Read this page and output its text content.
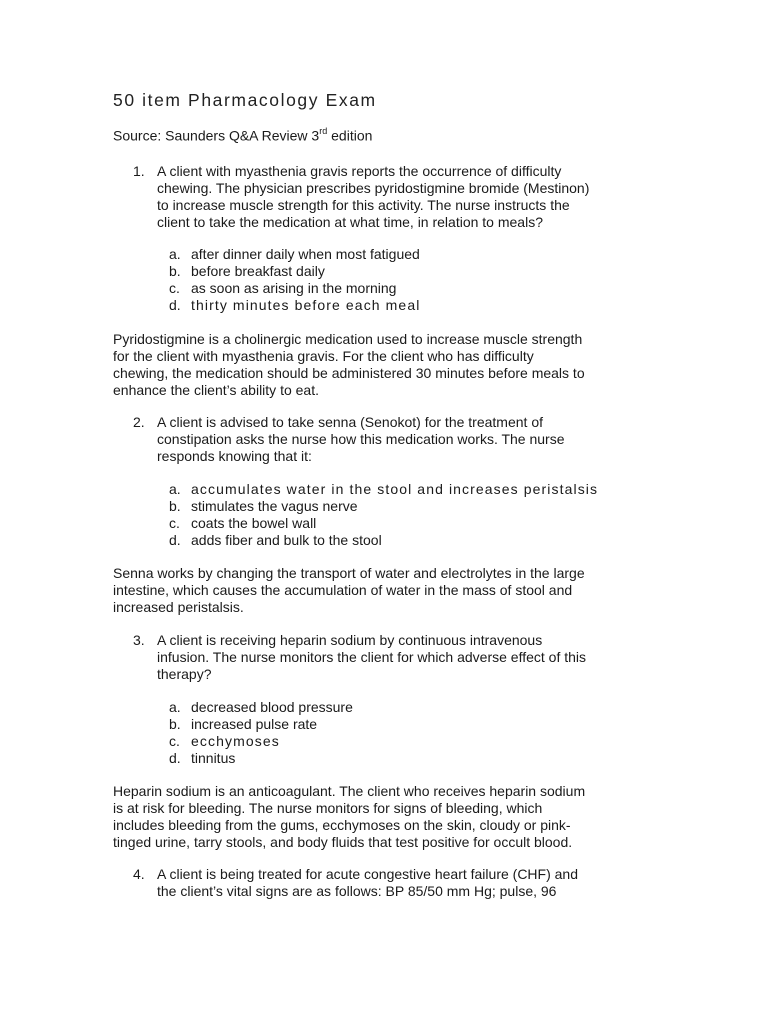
50 item Pharmacology Exam
Source: Saunders Q&A Review 3rd edition
1. A client with myasthenia gravis reports the occurrence of difficulty
chewing. The physician prescribes pyridostigmine bromide (Mestinon)
to increase muscle strength for this activity. The nurse instructs the
client to take the medication at what time, in relation to meals?
a. after dinner daily when most fatigued
b. before breakfast daily
c. as soon as arising in the morning
d. thirty minutes before each meal
Pyridostigmine is a cholinergic medication used to increase muscle strength
for the client with myasthenia gravis. For the client who has difficulty
chewing, the medication should be administered 30 minutes before meals to
enhance the client’s ability to eat.
2. A client is advised to take senna (Senokot) for the treatment of
constipation asks the nurse how this medication works. The nurse
responds knowing that it:
a. accumulates water in the stool and increases peristalsis
b. stimulates the vagus nerve
c. coats the bowel wall
d. adds fiber and bulk to the stool
Senna works by changing the transport of water and electrolytes in the large
intestine, which causes the accumulation of water in the mass of stool and
increased peristalsis.
3. A client is receiving heparin sodium by continuous intravenous
infusion. The nurse monitors the client for which adverse effect of this
therapy?
a. decreased blood pressure
b. increased pulse rate
c. ecchymoses
d. tinnitus
Heparin sodium is an anticoagulant. The client who receives heparin sodium
is at risk for bleeding. The nurse monitors for signs of bleeding, which
includes bleeding from the gums, ecchymoses on the skin, cloudy or pink-
tinged urine, tarry stools, and body fluids that test positive for occult blood.
4. A client is being treated for acute congestive heart failure (CHF) and
the client’s vital signs are as follows: BP 85/50 mm Hg; pulse, 96
